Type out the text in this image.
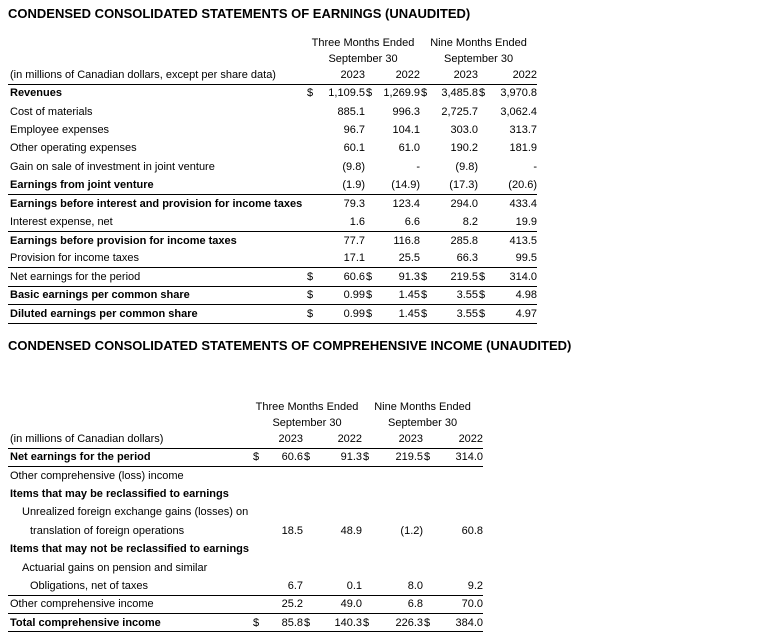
CONDENSED CONSOLIDATED STATEMENTS OF EARNINGS (UNAUDITED)
	Three Months Ended				Nine Months Ended			
	September 30				September 30			
(in millions of Canadian dollars, except per share data)		2023		2022		2023		2022
Revenues	$	1,109.5	$	1,269.9	$	3,485.8	$	3,970.8
Cost of materials		885.1		996.3		2,725.7		3,062.4
Employee expenses		96.7		104.1		303.0		313.7
Other operating expenses		60.1		61.0		190.2		181.9
Gain on sale of investment in joint venture		(9.8)		-		(9.8)		-
Earnings from joint venture		(1.9)		(14.9)		(17.3)		(20.6)
Earnings before interest and provision for income taxes		79.3		123.4		294.0		433.4
Interest expense, net		1.6		6.6		8.2		19.9
Earnings before provision for income taxes		77.7		116.8		285.8		413.5
Provision for income taxes		17.1		25.5		66.3		99.5
Net earnings for the period	$	60.6	$	91.3	$	219.5	$	314.0
Basic earnings per common share	$	0.99	$	1.45	$	3.55	$	4.98
Diluted earnings per common share	$	0.99	$	1.45	$	3.55	$	4.97
CONDENSED CONSOLIDATED STATEMENTS OF COMPREHENSIVE INCOME (UNAUDITED)
	Three Months Ended				Nine Months Ended			
	September 30				September 30			
(in millions of Canadian dollars)		2023		2022		2023		2022
Net earnings for the period	$	60.6	$	91.3	$	219.5	$	314.0
Other comprehensive (loss) income								
Items that may be reclassified to earnings								
Unrealized foreign exchange gains (losses) on								
translation of foreign operations		18.5		48.9		(1.2)		60.8
Items that may not be reclassified to earnings								
Actuarial gains on pension and similar								
Obligations, net of taxes		6.7		0.1		8.0		9.2
Other comprehensive income		25.2		49.0		6.8		70.0
Total comprehensive income	$	85.8	$	140.3	$	226.3	$	384.0
